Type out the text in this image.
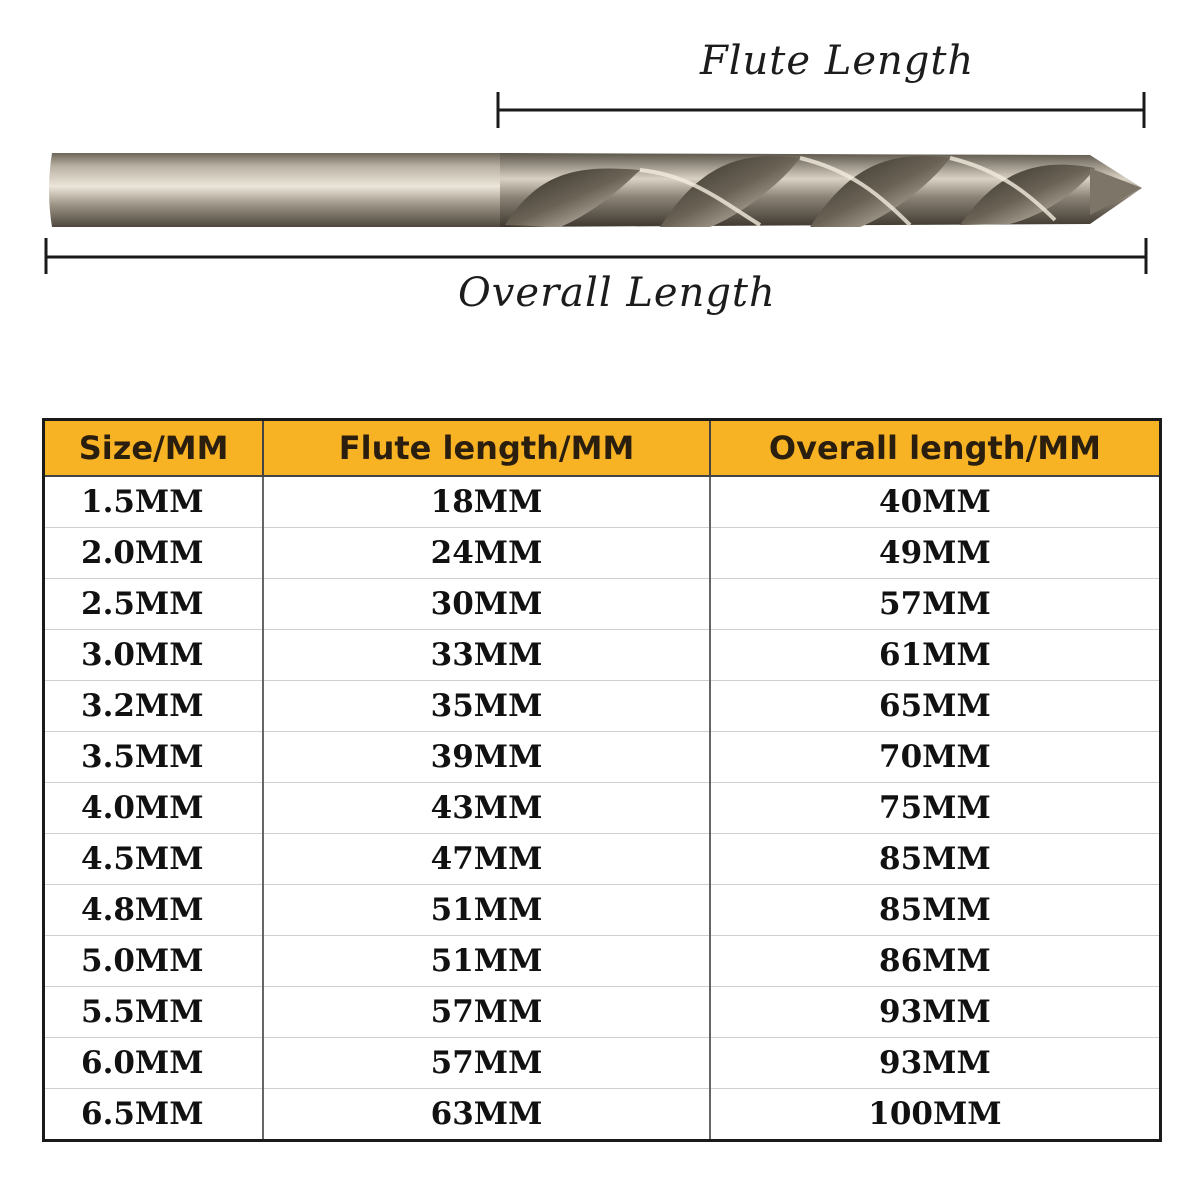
Flute Length
Overall Length
Size/MM	Flute length/MM	Overall length/MM
1.5MM	18MM	40MM
2.0MM	24MM	49MM
2.5MM	30MM	57MM
3.0MM	33MM	61MM
3.2MM	35MM	65MM
3.5MM	39MM	70MM
4.0MM	43MM	75MM
4.5MM	47MM	85MM
4.8MM	51MM	85MM
5.0MM	51MM	86MM
5.5MM	57MM	93MM
6.0MM	57MM	93MM
6.5MM	63MM	100MM
